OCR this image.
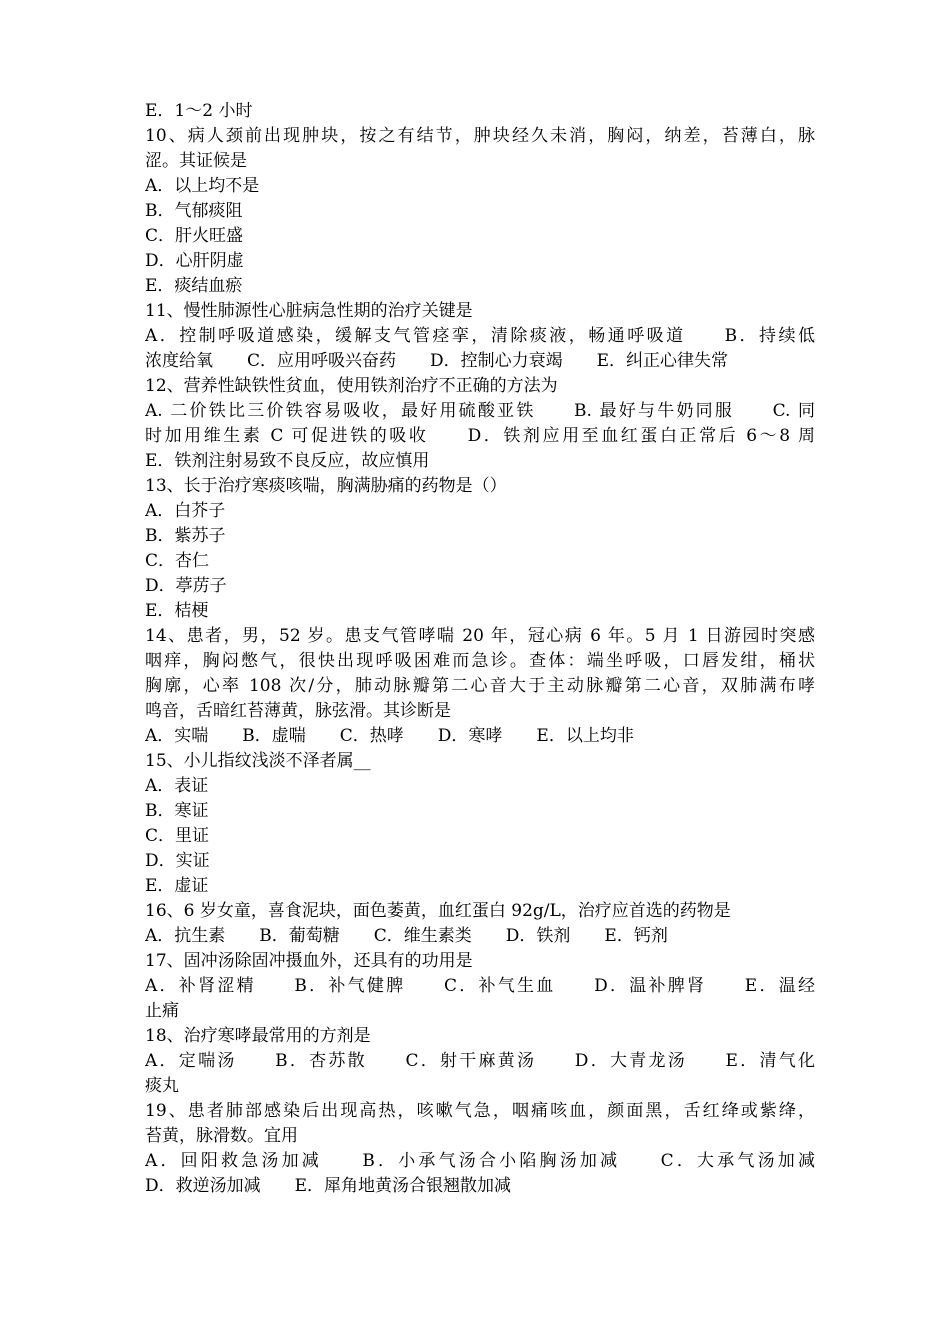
E．1～2 小时
10、病人颈前出现肿块，按之有结节，肿块经久未消，胸闷，纳差，苔薄白，脉
涩。其证候是
A．以上均不是
B．气郁痰阻
C．肝火旺盛
D．心肝阴虚
E．痰结血瘀
11、慢性肺源性心脏病急性期的治疗关键是
A．控制呼吸道感染，缓解支气管痉挛，清除痰液，畅通呼吸道　　B．持续低
浓度给氧　　C．应用呼吸兴奋药　　D．控制心力衰竭　　E．纠正心律失常
12、营养性缺铁性贫血，使用铁剂治疗不正确的方法为
A. 二价铁比三价铁容易吸收，最好用硫酸亚铁　　B. 最好与牛奶同服　　C. 同
时加用维生素 C 可促进铁的吸收　　D．铁剂应用至血红蛋白正常后 6～8 周
E．铁剂注射易致不良反应，故应慎用
13、长于治疗寒痰咳喘，胸满胁痛的药物是（）
A．白芥子
B．紫苏子
C．杏仁
D．葶苈子
E．桔梗
14、患者，男，52 岁。患支气管哮喘 20 年，冠心病 6 年。5 月 1 日游园时突感
咽痒，胸闷憋气，很快出现呼吸困难而急诊。查体：端坐呼吸，口唇发绀，桶状
胸廓，心率 108 次/分，肺动脉瓣第二心音大于主动脉瓣第二心音，双肺满布哮
鸣音，舌暗红苔薄黄，脉弦滑。其诊断是
A．实喘　　B．虚喘　　C．热哮　　D．寒哮　　E．以上均非
15、小儿指纹浅淡不泽者属__
A．表证
B．寒证
C．里证
D．实证
E．虚证
16、6 岁女童，喜食泥块，面色萎黄，血红蛋白 92g/L，治疗应首选的药物是
A．抗生素　　B．葡萄糖　　C．维生素类　　D．铁剂　　E．钙剂
17、固冲汤除固冲摄血外，还具有的功用是
A．补肾涩精　　B．补气健脾　　C．补气生血　　D．温补脾肾　　E．温经
止痛
18、治疗寒哮最常用的方剂是
A．定喘汤　　B．杏苏散　　C．射干麻黄汤　　D．大青龙汤　　E．清气化
痰丸
19、患者肺部感染后出现高热，咳嗽气急，咽痛咳血，颜面黑，舌红绛或紫绛，
苔黄，脉滑数。宜用
A．回阳救急汤加减　　B．小承气汤合小陷胸汤加减　　C．大承气汤加减
D．救逆汤加减　　E．犀角地黄汤合银翘散加减
